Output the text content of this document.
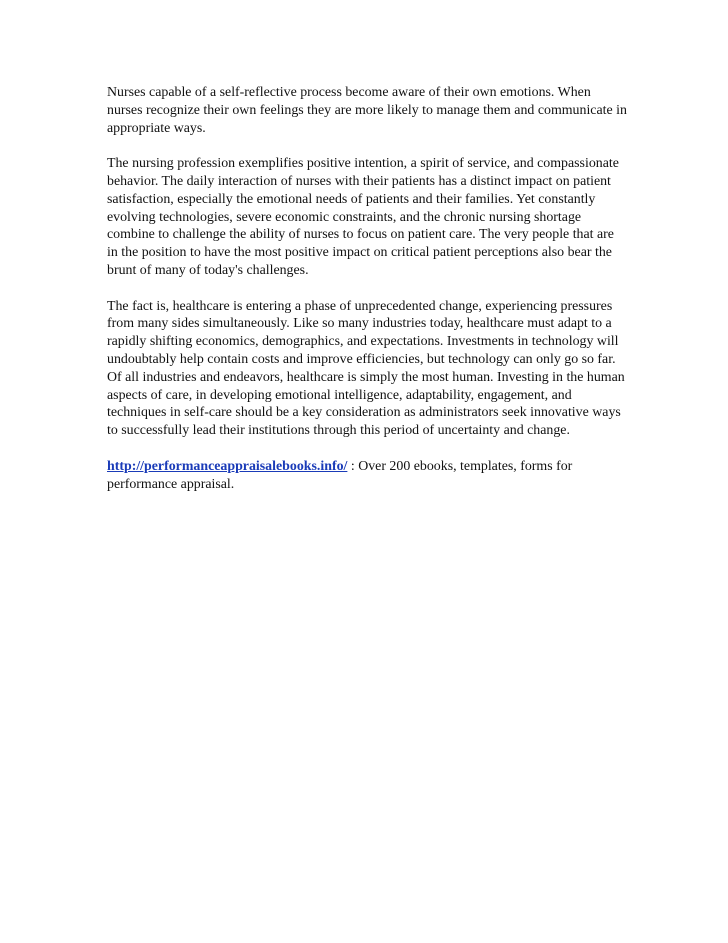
Nurses capable of a self-reflective process become aware of their own emotions. When nurses recognize their own feelings they are more likely to manage them and communicate in appropriate ways.

The nursing profession exemplifies positive intention, a spirit of service, and compassionate behavior. The daily interaction of nurses with their patients has a distinct impact on patient satisfaction, especially the emotional needs of patients and their families. Yet constantly evolving technologies, severe economic constraints, and the chronic nursing shortage combine to challenge the ability of nurses to focus on patient care. The very people that are in the position to have the most positive impact on critical patient perceptions also bear the brunt of many of today's challenges.

The fact is, healthcare is entering a phase of unprecedented change, experiencing pressures from many sides simultaneously. Like so many industries today, healthcare must adapt to a rapidly shifting economics, demographics, and expectations. Investments in technology will undoubtably help contain costs and improve efficiencies, but technology can only go so far. Of all industries and endeavors, healthcare is simply the most human. Investing in the human aspects of care, in developing emotional intelligence, adaptability, engagement, and techniques in self-care should be a key consideration as administrators seek innovative ways to successfully lead their institutions through this period of uncertainty and change.

http://performanceappraisalebooks.info/ : Over 200 ebooks, templates, forms for performance appraisal.
